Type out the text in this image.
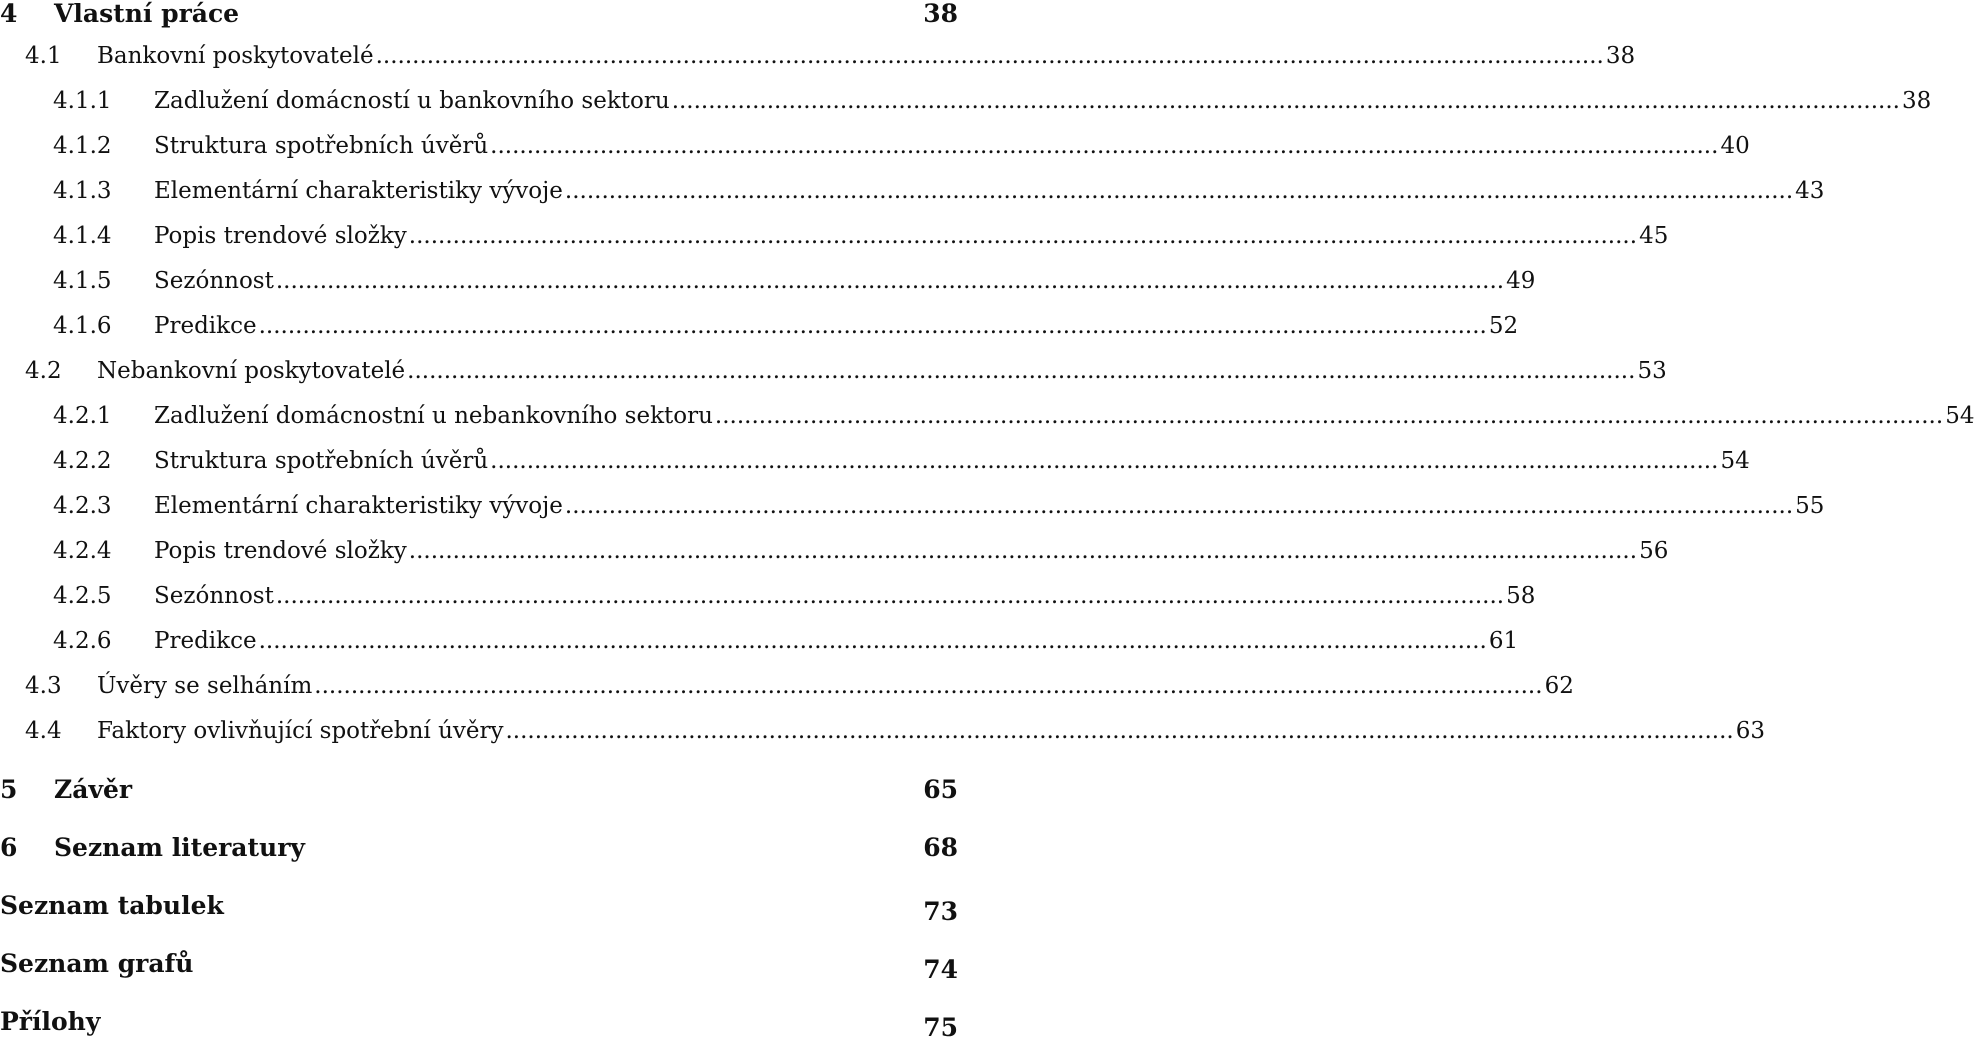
4 Vlastní práce	38
4.1 Bankovní poskytovatelé ........................................................................................................................................................................ 38
4.1.1 Zadlužení domácností u bankovního sektoru ........................................................................................................................................................................ 38
4.1.2 Struktura spotřebních úvěrů ........................................................................................................................................................................ 40
4.1.3 Elementární charakteristiky vývoje ........................................................................................................................................................................ 43
4.1.4 Popis trendové složky ........................................................................................................................................................................ 45
4.1.5 Sezónnost ........................................................................................................................................................................ 49
4.1.6 Predikce ........................................................................................................................................................................ 52
4.2 Nebankovní poskytovatelé ........................................................................................................................................................................ 53
4.2.1 Zadlužení domácnostní u nebankovního sektoru ........................................................................................................................................................................ 54
4.2.2 Struktura spotřebních úvěrů ........................................................................................................................................................................ 54
4.2.3 Elementární charakteristiky vývoje ........................................................................................................................................................................ 55
4.2.4 Popis trendové složky ........................................................................................................................................................................ 56
4.2.5 Sezónnost ........................................................................................................................................................................ 58
4.2.6 Predikce ........................................................................................................................................................................ 61
4.3 Úvěry se selháním ........................................................................................................................................................................ 62
4.4 Faktory ovlivňující spotřební úvěry ........................................................................................................................................................................ 63
5 Závěr	65
6 Seznam literatury	68
Seznam tabulek	73
Seznam grafů	74
Přílohy	75
